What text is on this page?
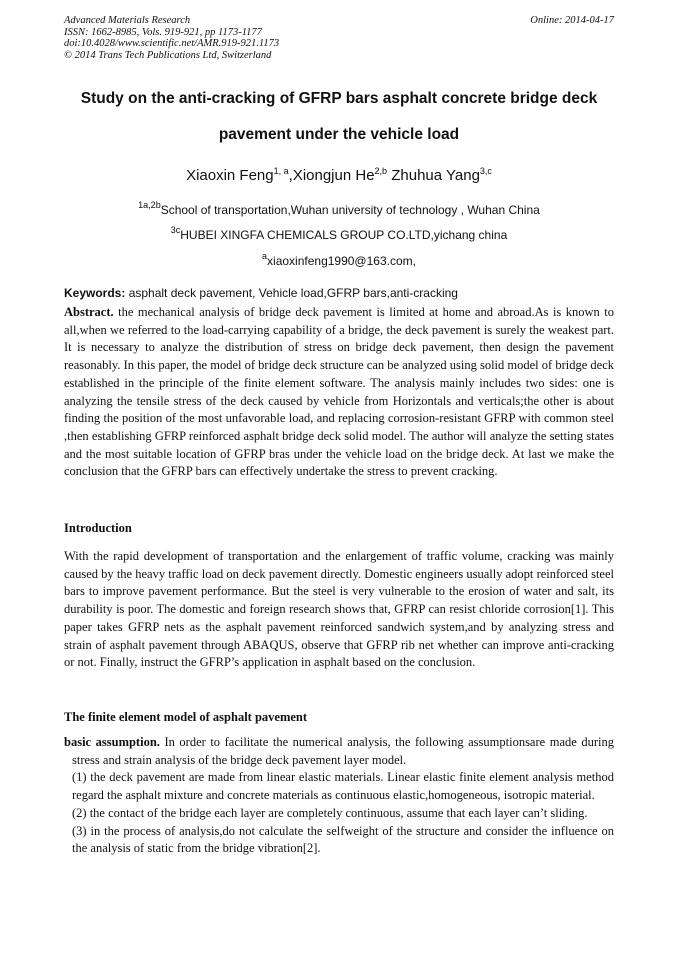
Advanced Materials Research
ISSN: 1662-8985, Vols. 919-921, pp 1173-1177
doi:10.4028/www.scientific.net/AMR.919-921.1173
© 2014 Trans Tech Publications Ltd, Switzerland
Online: 2014-04-17
Study on the anti-cracking of GFRP bars asphalt concrete bridge deck
pavement under the vehicle load
Xiaoxin Feng$^{1, a}$,Xiongjun He$^{2,b}$ Zhuhua Yang$^{3,c}$
$^{1a,2b}$School of transportation,Wuhan university of technology , Wuhan China
$^{3c}$HUBEI XINGFA CHEMICALS GROUP CO.LTD,yichang china
$^a$xiaoxinfeng1990@163.com,
Keywords: asphalt deck pavement, Vehicle load,GFRP bars,anti-cracking
Abstract. the mechanical analysis of bridge deck pavement is limited at home and abroad.As is known to all,when we referred to the load-carrying capability of a bridge, the deck pavement is surely the weakest part. It is necessary to analyze the distribution of stress on bridge deck pavement, then design the pavement reasonably. In this paper, the model of bridge deck structure can be analyzed using solid model of bridge deck established in the principle of the finite element software. The analysis mainly includes two sides: one is analyzing the tensile stress of the deck caused by vehicle from Horizontals and verticals;the other is about finding the position of the most unfavorable load, and replacing corrosion-resistant GFRP with common steel ,then establishing GFRP reinforced asphalt bridge deck solid model. The author will analyze the setting states and the most suitable location of GFRP bras under the vehicle load on the bridge deck. At last we make the conclusion that the GFRP bars can effectively undertake the stress to prevent cracking.
Introduction
With the rapid development of transportation and the enlargement of traffic volume, cracking was mainly caused by the heavy traffic load on deck pavement directly. Domestic engineers usually adopt reinforced steel bars to improve pavement performance. But the steel is very vulnerable to the erosion of water and salt, its durability is poor. The domestic and foreign research shows that, GFRP can resist chloride corrosion[1]. This paper takes GFRP nets as the asphalt pavement reinforced sandwich system,and by analyzing stress and strain of asphalt pavement through ABAQUS, observe that GFRP rib net whether can improve anti-cracking or not. Finally, instruct the GFRP’s application in asphalt based on the conclusion.
The finite element model of asphalt pavement

basic assumption. In order to facilitate the numerical analysis, the following assumptionsare made during stress and strain analysis of the bridge deck pavement layer model.

(1) the deck pavement are made from linear elastic materials. Linear elastic finite element analysis method regard the asphalt mixture and concrete materials as continuous elastic,homogeneous, isotropic material.

(2) the contact of the bridge each layer are completely continuous, assume that each layer can’t sliding.

(3) in the process of analysis,do not calculate the selfweight of the structure and consider the influence on the analysis of static from the bridge vibration[2].
